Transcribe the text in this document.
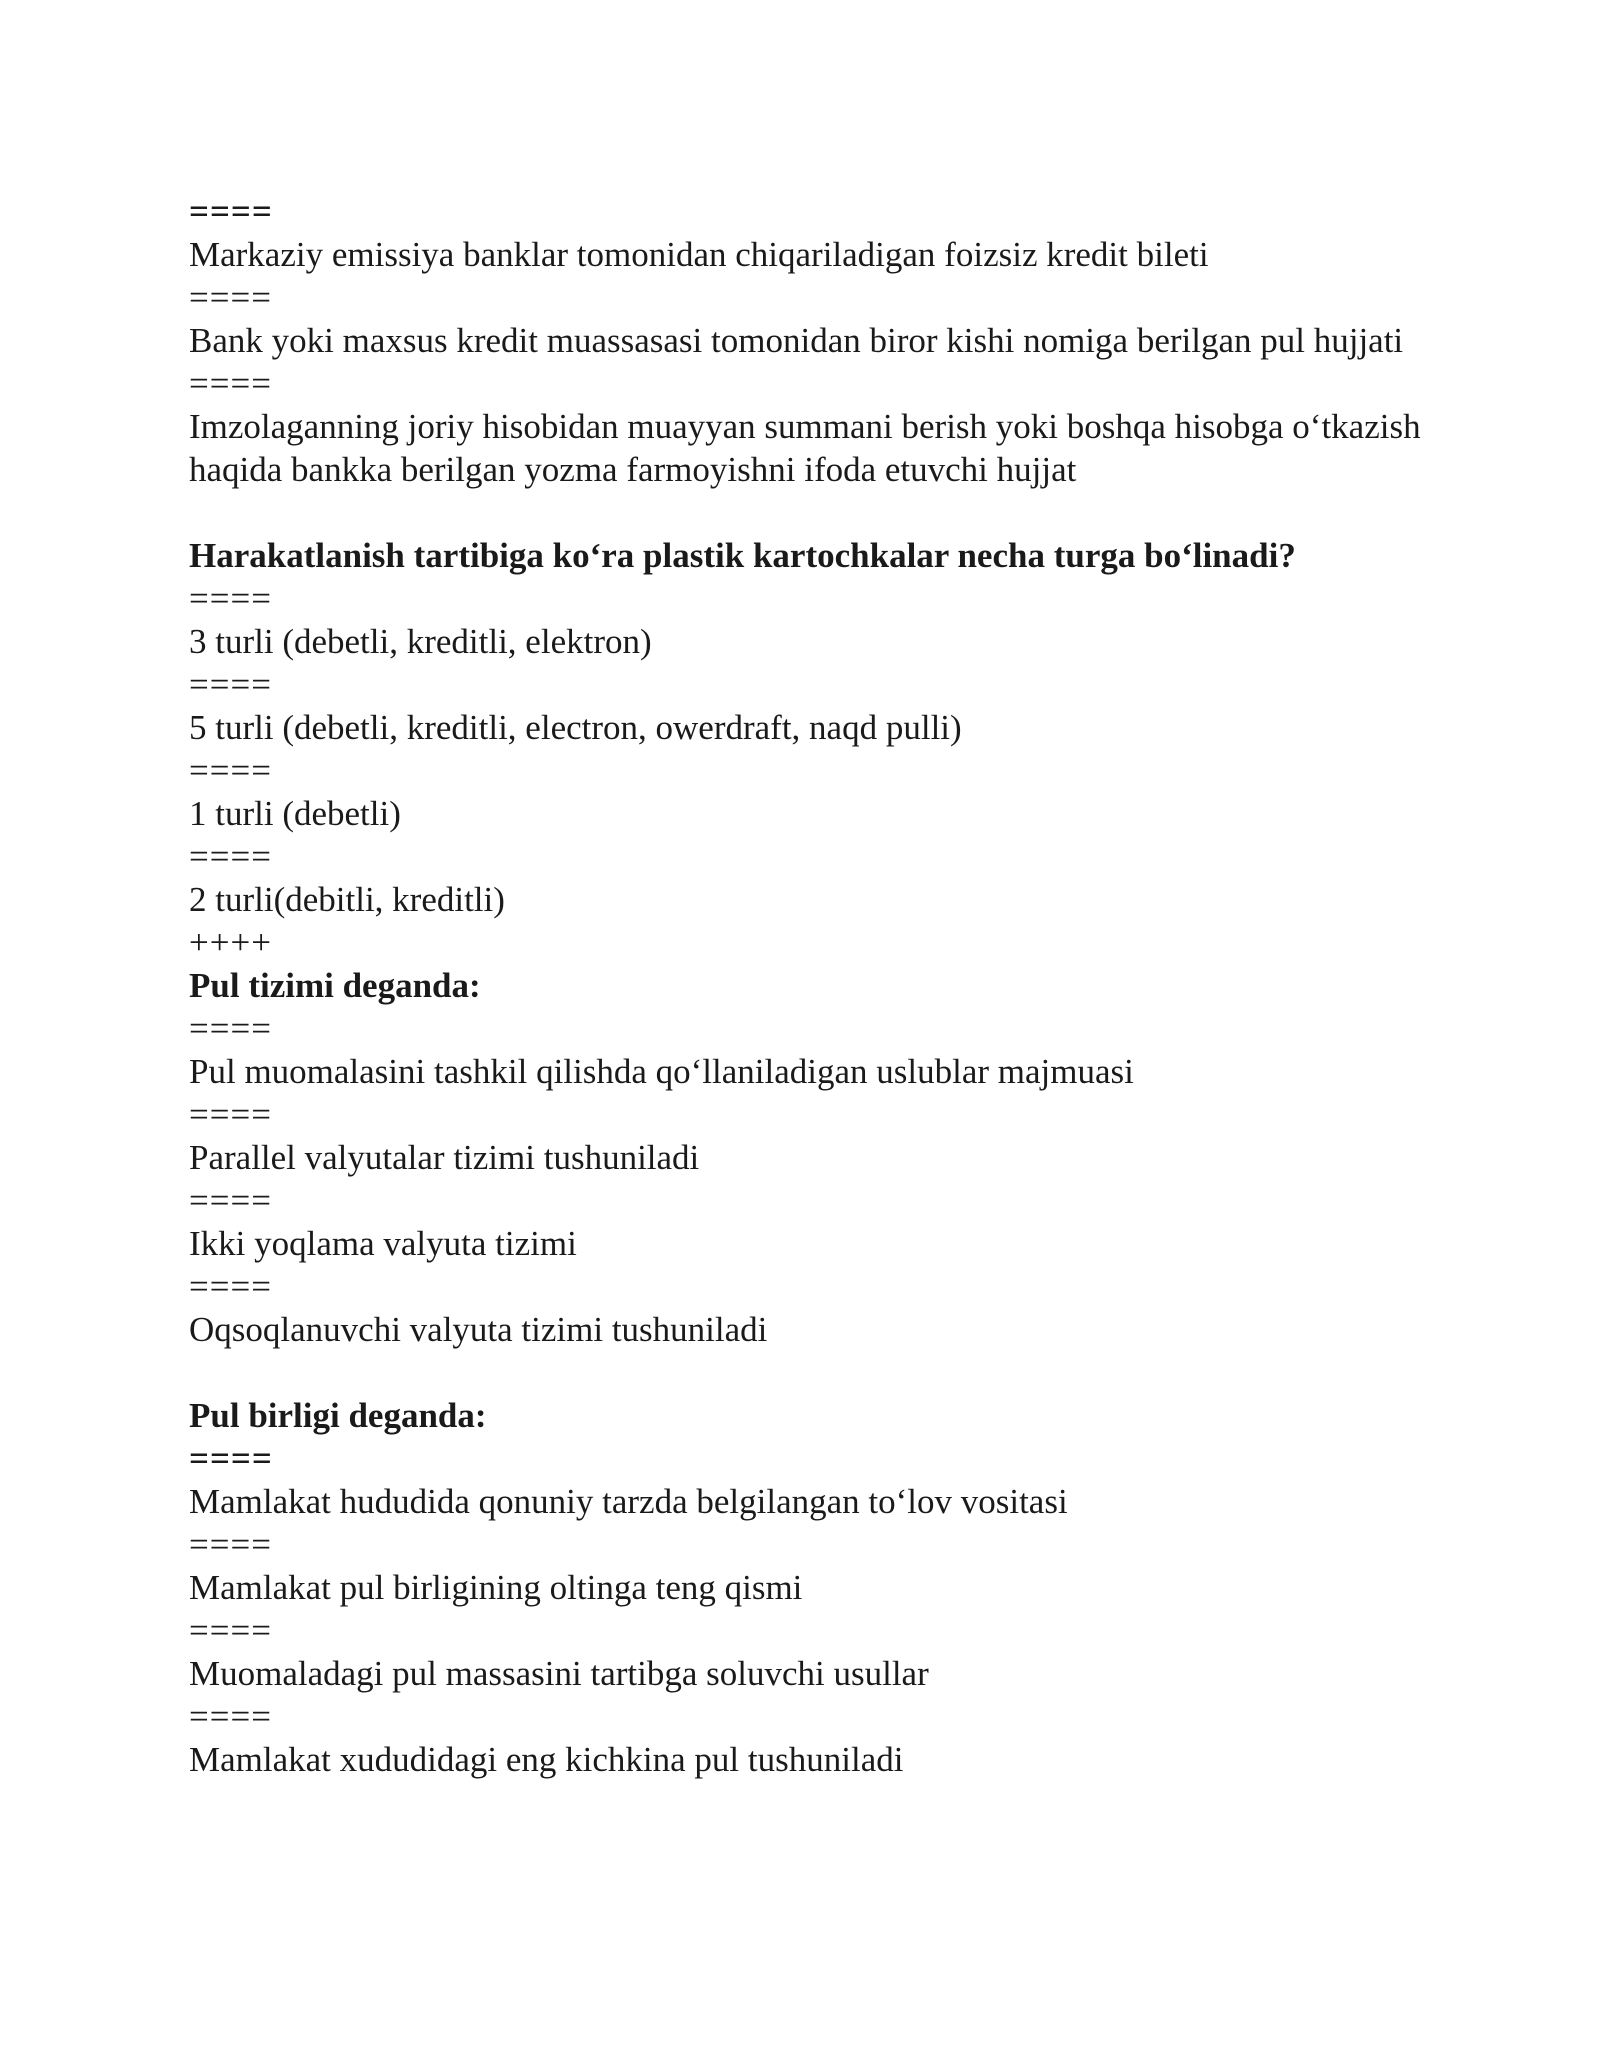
====

Markaziy emissiya banklar tomonidan chiqariladigan foizsiz kredit bileti

====

Bank yoki maxsus kredit muassasasi tomonidan biror kishi nomiga berilgan pul hujjati

====

Imzolaganning joriy hisobidan muayyan summani berish yoki boshqa hisobga o‘tkazish haqida bankka berilgan yozma farmoyishni ifoda etuvchi hujjat

Harakatlanish tartibiga ko‘ra plastik kartochkalar necha turga bo‘linadi?

====

3 turli (debetli, kreditli, elektron)

====

5 turli (debetli, kreditli, electron, owerdraft, naqd pulli)

====

1 turli (debetli)

====

2 turli(debitli, kreditli)

++++

Pul tizimi deganda:

====

Pul muomalasini tashkil qilishda qo‘llaniladigan uslublar majmuasi

====

Parallel valyutalar tizimi tushuniladi

====

Ikki yoqlama valyuta tizimi

====

Oqsoqlanuvchi valyuta tizimi tushuniladi

Pul birligi deganda:

====

Mamlakat hududida qonuniy tarzda belgilangan to‘lov vositasi

====

Mamlakat pul birligining oltinga teng qismi

====

Muomaladagi pul massasini tartibga soluvchi usullar

====

Mamlakat xududidagi eng kichkina pul tushuniladi
